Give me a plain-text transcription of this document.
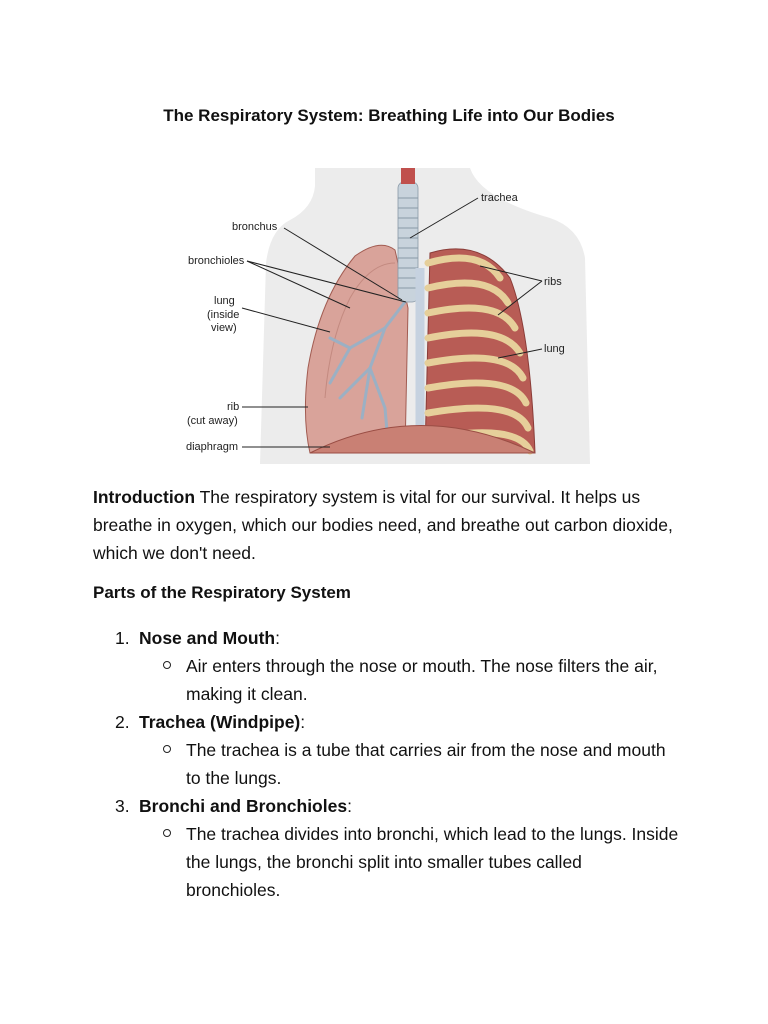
The Respiratory System: Breathing Life into Our Bodies
trachea
bronchus
bronchioles
ribs
lung
lung
(inside
view)
rib
(cut away)
diaphragm
Introduction The respiratory system is vital for our survival. It helps us breathe in oxygen, which our bodies need, and breathe out carbon dioxide, which we don't need.
Parts of the Respiratory System
1. Nose and Mouth:
Air enters through the nose or mouth. The nose filters the air, making it clean.
2. Trachea (Windpipe):
The trachea is a tube that carries air from the nose and mouth to the lungs.
3. Bronchi and Bronchioles:
The trachea divides into bronchi, which lead to the lungs. Inside the lungs, the bronchi split into smaller tubes called bronchioles.
